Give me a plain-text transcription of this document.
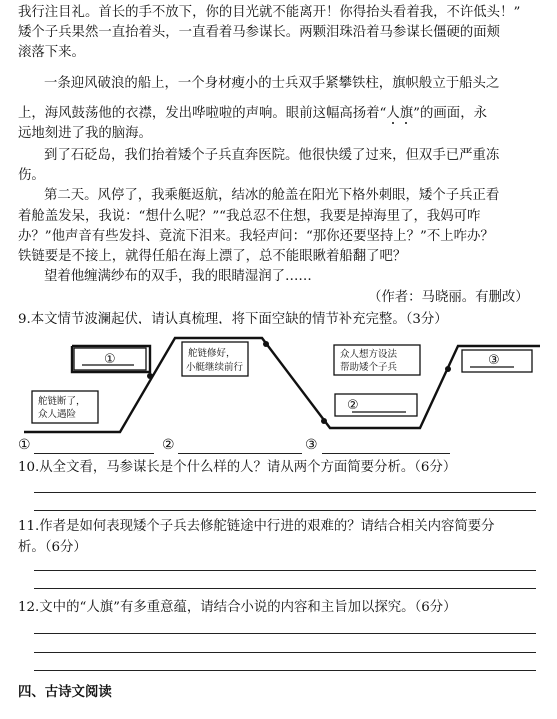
我行注目礼。首长的手不放下，你的目光就不能离开！你得抬头看着我，不许低头！”
矮个子兵果然一直抬着头，一直看着马参谋长。两颗泪珠沿着马参谋长僵硬的面颊
滚落下来。
一条迎风破浪的船上，一个身材瘦小的士兵双手紧攀铁柱，旗帜般立于船头之
上，海风鼓荡他的衣襟，发出哗啦啦的声响。眼前这幅高扬着“人旗”的画面，永
远地刻进了我的脑海。
到了石砭岛，我们抬着矮个子兵直奔医院。他很快缓了过来，但双手已严重冻
伤。
第二天。风停了，我乘艇返航，结冰的舱盖在阳光下格外刺眼，矮个子兵正看
着舱盖发呆，我说：“想什么呢？”“我总忍不住想，我要是掉海里了，我妈可咋
办？”他声音有些发抖、竟流下泪来。我轻声问：“那你还要坚持上？”不上咋办？
铁链要是不接上，就得任船在海上漂了，总不能眼瞅着船翻了吧？
望着他缠满纱布的双手，我的眼睛湿润了……
（作者：马晓丽。有删改）
9.本文情节波澜起伏，请认真梳理，将下面空缺的情节补充完整。（3分）
①
②
③
舵链断了，
众人遇险
舵链修好，
小艇继续前行
众人想方设法
帮助矮个子兵
①	②	③
10.从全文看，马参谋长是个什么样的人？请从两个方面简要分析。（6分）
11.作者是如何表现矮个子兵去修舵链途中行进的艰难的？请结合相关内容简要分
析。（6分）
12.文中的“人旗”有多重意蕴，请结合小说的内容和主旨加以探究。（6分）
四、古诗文阅读
